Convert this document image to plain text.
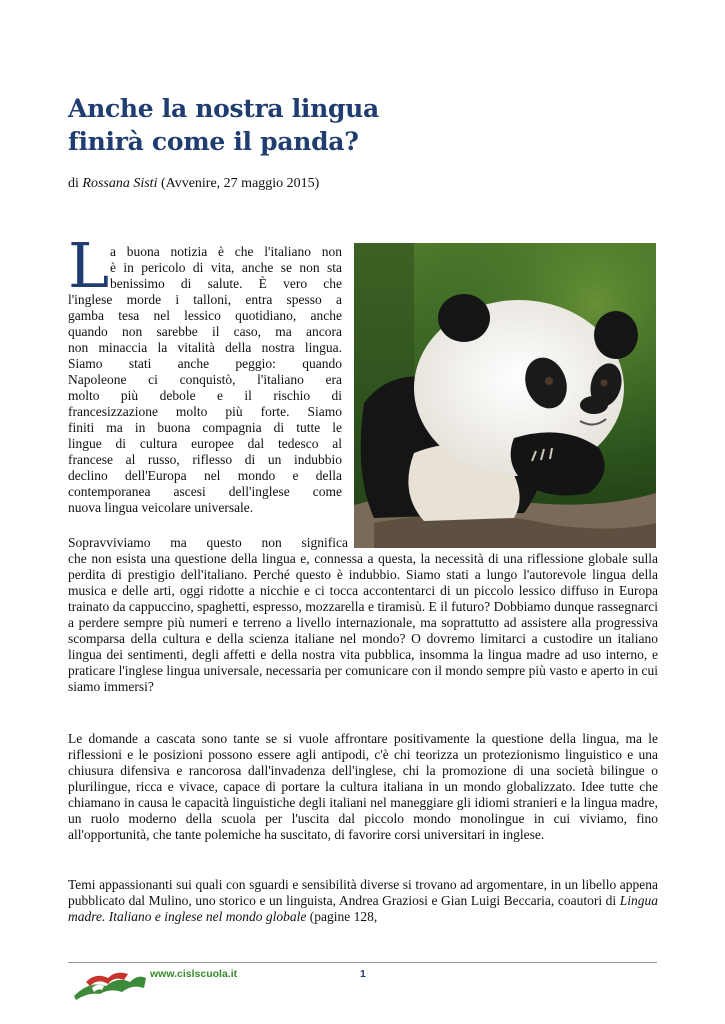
Anche la nostra lingua
finirà come il panda?
di Rossana Sisti (Avvenire, 27 maggio 2015)
L a buona notizia è che l'italiano non
è in pericolo di vita, anche se non sta
benissimo di salute. È vero che
l'inglese morde i talloni, entra spesso a
gamba tesa nel lessico quotidiano, anche
quando non sarebbe il caso, ma ancora
non minaccia la vitalità della nostra lingua.
Siamo stati anche peggio: quando
Napoleone ci conquistò, l'italiano era
molto più debole e il rischio di
francesizzazione molto più forte. Siamo
finiti ma in buona compagnia di tutte le
lingue di cultura europee dal tedesco al
francese al russo, riflesso di un indubbio
declino dell'Europa nel mondo e della
contemporanea ascesi dell'inglese come
nuova lingua veicolare universale.
Sopravviviamo ma questo non significa

che non esista una questione della lingua e, connessa a questa, la necessità di una riflessione globale sulla perdita di prestigio dell'italiano. Perché questo è indubbio. Siamo stati a lungo l'autorevole lingua della musica e delle arti, oggi ridotte a nicchie e ci tocca accontentarci di un piccolo lessico diffuso in Europa trainato da cappuccino, spaghetti, espresso, mozzarella e tiramisù. E il futuro? Dobbiamo dunque rassegnarci a perdere sempre più numeri e terreno a livello internazionale, ma soprattutto ad assistere alla progressiva scomparsa della cultura e della scienza italiane nel mondo? O dovremo limitarci a custodire un italiano lingua dei sentimenti, degli affetti e della nostra vita pubblica, insomma la lingua madre ad uso interno, e praticare l'inglese lingua universale, necessaria per comunicare con il mondo sempre più vasto e aperto in cui siamo immersi?

Le domande a cascata sono tante se si vuole affrontare positivamente la questione della lingua, ma le riflessioni e le posizioni possono essere agli antipodi, c'è chi teorizza un protezionismo linguistico e una chiusura difensiva e rancorosa dall'invadenza dell'inglese, chi la promozione di una società bilingue o plurilingue, ricca e vivace, capace di portare la cultura italiana in un mondo globalizzato. Idee tutte che chiamano in causa le capacità linguistiche degli italiani nel maneggiare gli idiomi stranieri e la lingua madre, un ruolo moderno della scuola per l'uscita dal piccolo mondo monolingue in cui viviamo, fino all'opportunità, che tante polemiche ha suscitato, di favorire corsi universitari in inglese.

Temi appassionanti sui quali con sguardi e sensibilità diverse si trovano ad argomentare, in un libello appena pubblicato dal Mulino, uno storico e un linguista, Andrea Graziosi e Gian Luigi Beccaria, coautori di Lingua madre. Italiano e inglese nel mondo globale (pagine 128,

www.cislscuola.it	1
